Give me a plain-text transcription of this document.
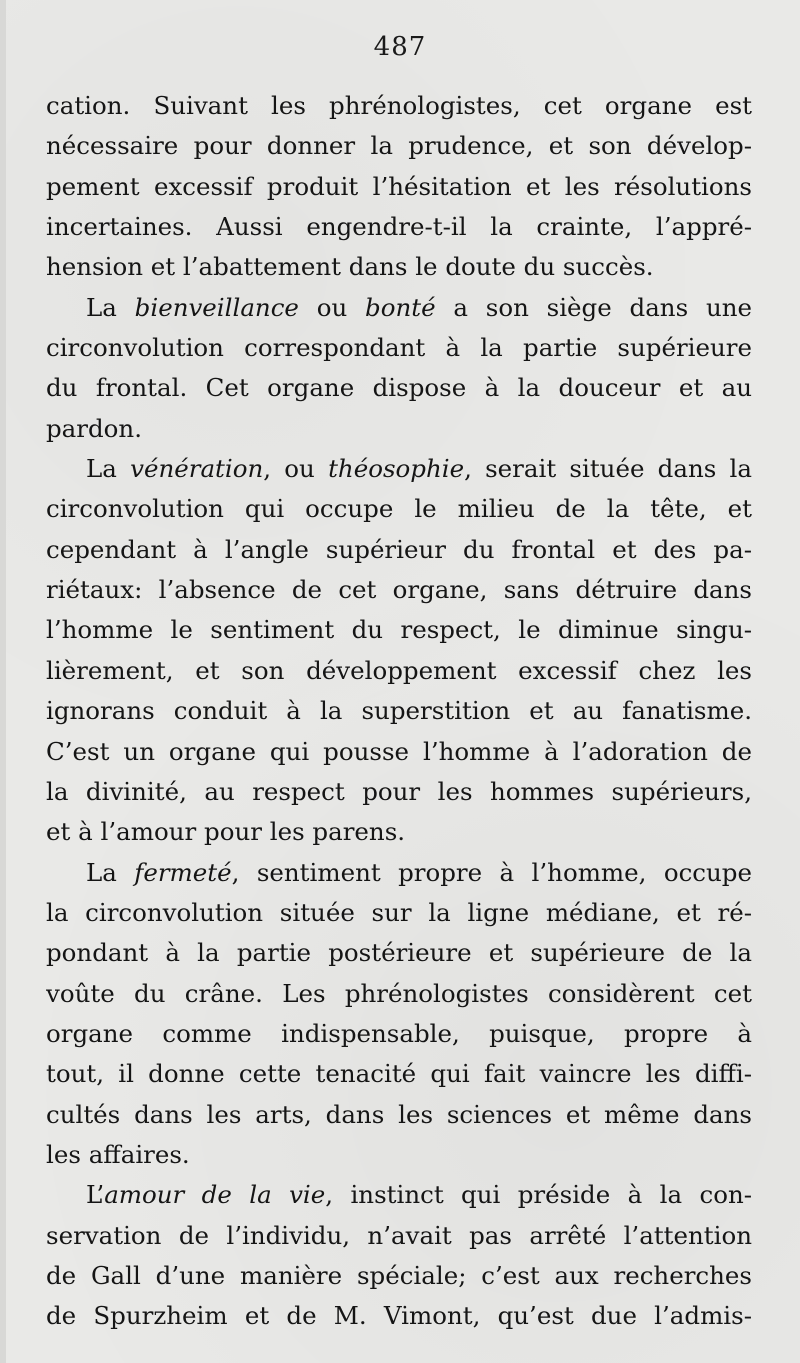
487
cation. Suivant les phrénologistes, cet organe est
nécessaire pour donner la prudence, et son dévelop-
pement excessif produit l’hésitation et les résolutions
incertaines. Aussi engendre-t-il la crainte, l’appré-
hension et l’abattement dans le doute du succès.
La bienveillance ou bonté a son siège dans une
circonvolution correspondant à la partie supérieure
du frontal. Cet organe dispose à la douceur et au
pardon.
La vénération, ou théosophie, serait située dans la
circonvolution qui occupe le milieu de la tête, et
cependant à l’angle supérieur du frontal et des pa-
riétaux: l’absence de cet organe, sans détruire dans
l’homme le sentiment du respect, le diminue singu-
lièrement, et son développement excessif chez les
ignorans conduit à la superstition et au fanatisme.
C’est un organe qui pousse l’homme à l’adoration de
la divinité, au respect pour les hommes supérieurs,
et à l’amour pour les parens.
La fermeté, sentiment propre à l’homme, occupe
la circonvolution située sur la ligne médiane, et ré-
pondant à la partie postérieure et supérieure de la
voûte du crâne. Les phrénologistes considèrent cet
organe comme indispensable, puisque, propre à
tout, il donne cette tenacité qui fait vaincre les diffi-
cultés dans les arts, dans les sciences et même dans
les affaires.
L’amour de la vie, instinct qui préside à la con-
servation de l’individu, n’avait pas arrêté l’attention
de Gall d’une manière spéciale; c’est aux recherches
de Spurzheim et de M. Vimont, qu’est due l’admis-
